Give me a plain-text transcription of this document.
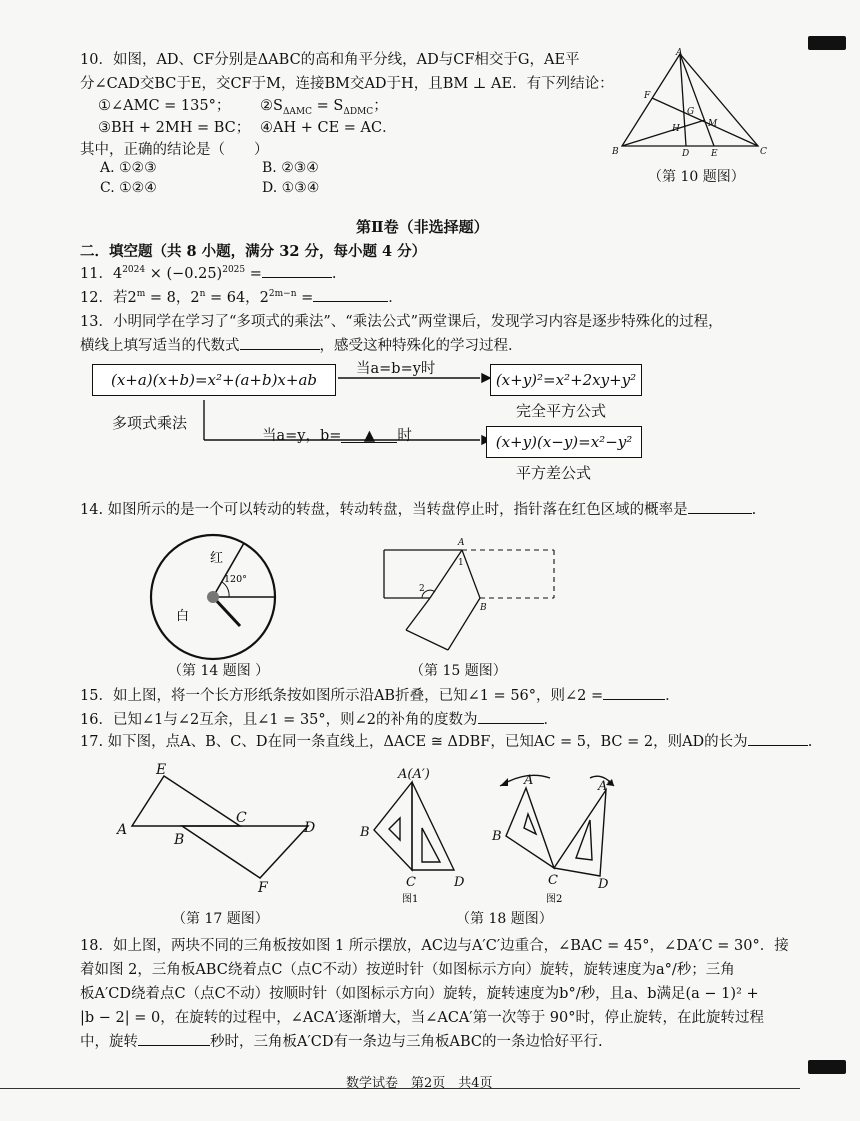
10．如图，AD、CF分别是ΔABC的高和角平分线，AD与CF相交于G，AE平
分∠CAD交BC于E，交CF于M，连接BM交AD于H，且BM ⊥ AE．有下列结论：
①∠AMC = 135°； $②S_{\Delta AMC} = S_{\Delta DMC}$；
③BH + 2MH = BC； ④AH + CE = AC．
其中，正确的结论是（　　）
A. ①②③	B. ②③④
C. ①②④	D. ①③④
A
B	C
D E
F
G
H	M
（第 10 题图）
第Ⅱ卷（非选择题）
二．填空题（共 8 小题，满分 32 分，每小题 4 分）
11．$4^{2024} \times (-0.25)^{2025}$ =	.
12．若$2^m = 8$，$2^n = 64$，$2^{2m-n}$ =	．
13．小明同学在学习了“多项式的乘法”、“乘法公式”两堂课后，发现学习内容是逐步特殊化的过程，
横线上填写适当的代数式	，感受这种特殊化的学习过程．
(x+a)(x+b)=x²+(a+b)x+ab
多项式乘法
当a=b=y时
(x+y)²=x²+2xy+y²
完全平方公式
当a=y，b= ▲ 时	(x+y)(x−y)=x²−y²
平方差公式
14. 如图所示的是一个可以转动的转盘，转动转盘，当转盘停止时，指针落在红色区域的概率是	.
红
白
120°
（第 14 题图 ）
A
B
1
2
（第 15 题图）
15．如上图，将一个长方形纸条按如图所示沿AB折叠，已知∠1 = 56°，则∠2 =	．
16．已知∠1与∠2互余，且∠1 = 35°，则∠2的补角的度数为	．
17. 如下图，点A、B、C、D在同一条直线上，ΔACE ≅ ΔDBF，已知AC = 5，BC = 2，则AD的长为	.
A
B
C
D
E
F
（第 17 题图）
A(A′)
B
C	D
图1
A	A′
B
C	D
图2
（第 18 题图）
18．如上图，两块不同的三角板按如图 1 所示摆放，AC边与A′C′边重合，∠BAC = 45°，∠DA′C = 30°．接
着如图 2，三角板ABC绕着点C（点C不动）按逆时针（如图标示方向）旋转，旋转速度为a°/秒；三角
板A′CD绕着点C（点C不动）按顺时针（如图标示方向）旋转，旋转速度为b°/秒，且a、b满足(a − 1)² +
|b − 2| = 0，在旋转的过程中，∠ACA′逐渐增大，当∠ACA′第一次等于 90°时，停止旋转，在此旋转过程
中，旋转	秒时，三角板A′CD有一条边与三角板ABC的一条边恰好平行.
数学试卷　第2页　共4页
